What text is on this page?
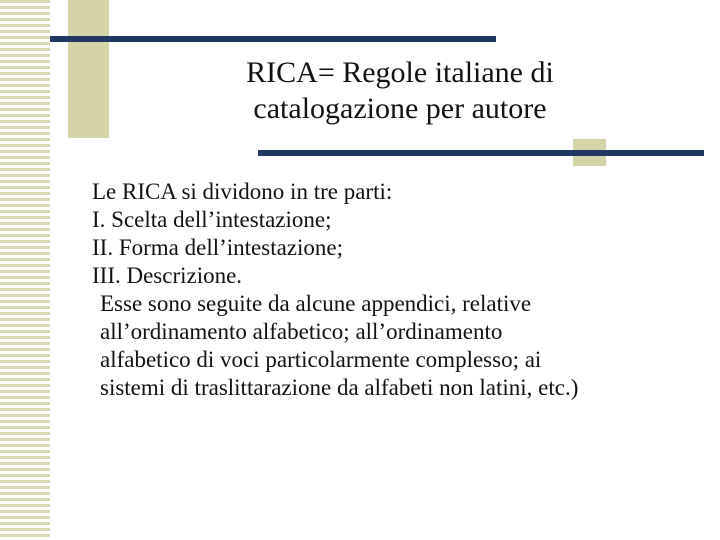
RICA= Regole italiane di
catalogazione per autore
Le RICA si dividono in tre parti:
I. Scelta dell’intestazione;
II. Forma dell’intestazione;
III. Descrizione.
Esse sono seguite da alcune appendici, relative
all’ordinamento alfabetico; all’ordinamento
alfabetico di voci particolarmente complesso; ai
sistemi di traslittarazione da alfabeti non latini, etc.)
